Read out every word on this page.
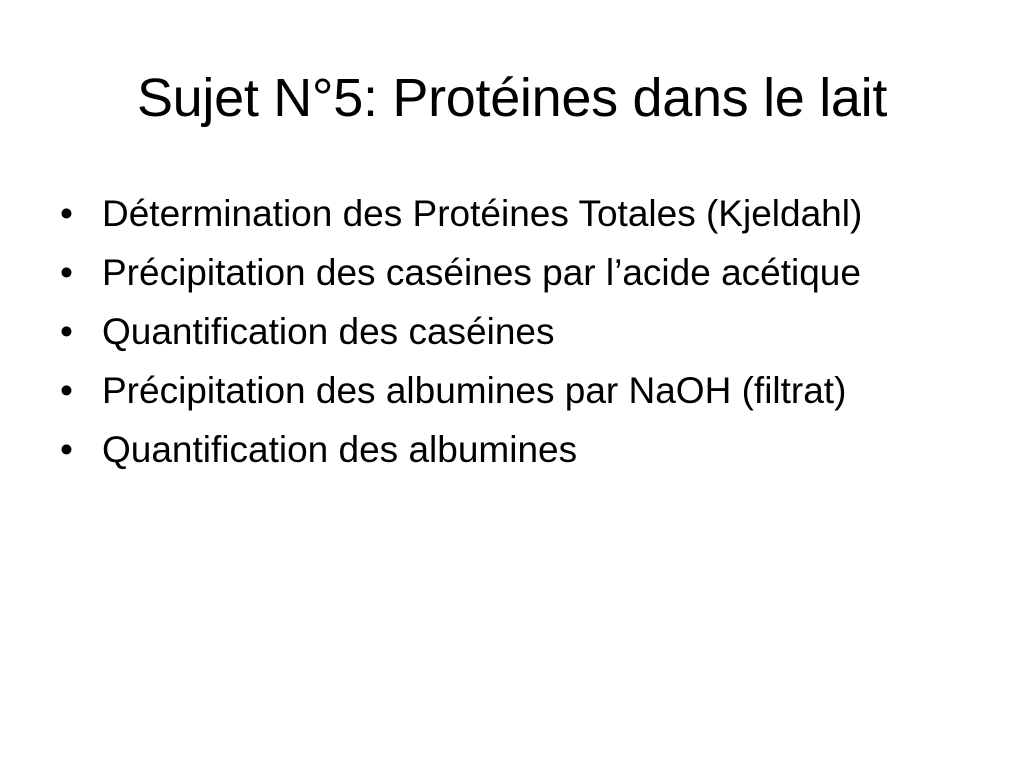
Sujet N°5: Protéines dans le lait
• Détermination des Protéines Totales (Kjeldahl)
• Précipitation des caséines par l’acide acétique
• Quantification des caséines
• Précipitation des albumines par NaOH (filtrat)
• Quantification des albumines
